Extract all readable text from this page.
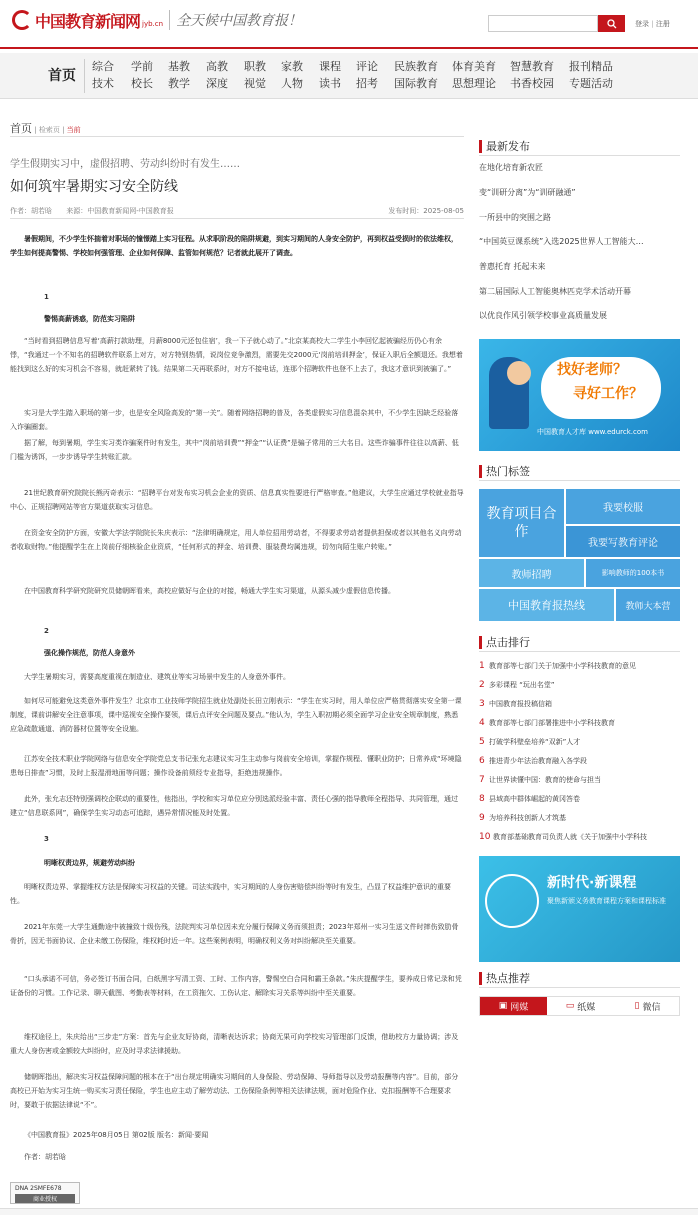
中国教育新闻网 jyb.cn 全天候中国教育报！	登录 | 注册
首页
综合
技术
学前
校长
基教
教学
高教
深度
职教
视觉
家教
人物
课程
读书
评论
招考
民族教育
国际教育
体育美育
思想理论
智慧教育
书香校园
报刊精品
专题活动
首页 | 检索页 | 当前
学生假期实习中，虚假招聘、劳动纠纷时有发生……
如何筑牢暑期实习安全防线
作者：胡若晗 来源：中国教育新闻网-中国教育报	发布时间：2025-08-05
暑假期间，不少学生怀揣着对职场的憧憬踏上实习征程。从求职阶段的陷阱规避，到实习期间的人身安全防护，再到权益受损时的依法维权，学生如何提高警惕、学校如何强管理、企业如何保障、监管如何规范？记者就此展开了调查。
1
警惕高薪诱惑，防范实习陷阱
“当时看到招聘信息写着‘高薪打款助理，月薪8000元还包住宿’，我一下子就心动了。”北京某高校大二学生小李回忆起被骗经历仍心有余悸，“我通过一个不知名的招聘软件联系上对方，对方特别热情，说岗位竞争激烈，需要先交2000元‘岗前培训押金’，保证入职后全额退还。我想着能找到这么好的实习机会不容易，就赶紧转了钱。结果第二天再联系时，对方不接电话，连那个招聘软件也登不上去了，我这才意识到被骗了。”
实习是大学生踏入职场的第一步，也是安全风险高发的“第一关”。随着网络招聘的普及，各类虚假实习信息混杂其中，不少学生因缺乏经验落入诈骗圈套。
据了解，每到暑期，学生实习类诈骗案件时有发生，其中“岗前培训费”“押金”“认证费”是骗子常用的三大名目。这些诈骗事件往往以高薪、低门槛为诱饵，一步步诱导学生转账汇款。
21世纪教育研究院院长熊丙奇表示：“招聘平台对发布实习机会企业的资质、信息真实性要进行严格审查。”他建议，大学生应通过学校就业指导中心、正规招聘网站等官方渠道获取实习信息。
在资金安全防护方面，安徽大学法学院院长朱庆表示：“法律明确规定，用人单位招用劳动者，不得要求劳动者提供担保或者以其他名义向劳动者收取财物。”他提醒学生在上岗前仔细核验企业资质，“任何形式的押金、培训费、服装费均属违规，切勿向陌生账户转账。”
在中国教育科学研究院研究员储朝晖看来，高校应做好与企业的对接，畅通大学生实习渠道，从源头减少虚假信息传播。
2
强化操作规范，防范人身意外
大学生暑期实习，需要高度重视在制造业、建筑业等实习场景中发生的人身意外事件。
如何尽可能避免这类意外事件发生？北京市工业技师学院招生就业处副处长田立刚表示：“学生在实习时，用人单位应严格贯彻落实安全第一课制度，课前讲解安全注意事项，课中巡视安全操作要领，课后点评安全问题及要点。”他认为，学生入职初期必须全面学习企业安全规章制度，熟悉应急疏散通道、消防器材位置等安全设施。
江苏安全技术职业学院网络与信息安全学院党总支书记张允志建议实习生主动参与岗前安全培训，掌握作规程、懂职业防护；日常养成“环境隐患每日排查”习惯，及时上报湿滑地面等问题；操作设备前须经专业指导，拒绝违规操作。
此外，张允志还特别强调校企联动的重要性，他指出，学校和实习单位应分别选派经验丰富、责任心强的指导教师全程指导、共同管理，通过建立“信息联系网”，确保学生实习动态可追踪，遇异常情况能及时处置。
3
明晰权责边界，规避劳动纠纷
明晰权责边界、掌握维权方法是保障实习权益的关键。司法实践中，实习期间的人身伤害赔偿纠纷等时有发生，凸显了权益维护意识的重要性。
2021年东莞一大学生通勤途中被撞致十级伤残，法院判实习单位因未充分履行保障义务而须担责；2023年郑州一实习生送文件时摔伤致肋骨骨折，因无书面协议、企业未缴工伤保险，维权耗时近一年。这些案例表明，明确权利义务对纠纷解决至关重要。
“口头承诺不可信，务必签订书面合同，白纸黑字写清工资、工时、工作内容，警惕空白合同和霸王条款。”朱庆提醒学生，要养成日常记录和凭证备份的习惯。工作记录、聊天截图、考勤表等材料，在工资拖欠、工伤认定、解除实习关系等纠纷中至关重要。
维权途径上，朱庆给出“三步走”方案：首先与企业友好协商，清晰表达诉求；协商无果可向学校实习管理部门反馈，借助校方力量协调；涉及重大人身伤害或金额较大纠纷时，应及时寻求法律援助。
储朝晖指出，解决实习权益保障问题的根本在于“出台规定明确实习期间的人身保险、劳动保障、导师指导以及劳动报酬等内容”。目前，部分高校已开始为实习生统一购买实习责任保险，学生也应主动了解劳动法、工伤保险条例等相关法律法规，面对危险作业、克扣报酬等不合理要求时，要敢于依据法律说“不”。
《中国教育报》2025年08月05日 第02版 版名：新闻·要闻
作者：胡若晗
DNA 2SMFE678
商业授权
最新发布
找好老师？
寻好工作？
中国教育人才库 www.edurck.com
热门标签
教育项目合作
我要校服
我要写教育评论
教师招聘	影响教师的100本书
中国教育报热线	教师大本营
点击排行
新时代·新课程
聚焦新颁义务教育课程方案和课程标准
热点推荐
▣ 网媒	▭ 纸媒	▯ 微信
在地化培育新农匠
变“训研分离”为“训研融通”
一所县中的突围之路
“中国英豆课系统”入选2025世界人工智能大…
普惠托育 托起未来
第二届国际人工智能奥林匹克学术活动开幕
以优良作风引领学校事业高质量发展
1 教育部等七部门关于加强中小学科技教育的意见
2 多彩课程 “玩出名堂”
3 中国教育报投稿信箱
4 教育部等七部门部署推进中小学科技教育
5 打破学科壁垒培养“双新”人才
6 推进青少年法治教育融入各学段
7 让世界读懂中国：教育的使命与担当
8 县域高中群体崛起的黄冈答卷
9 为培养科技创新人才筑基
10 教育部基础教育司负责人就《关于加强中小学科技
